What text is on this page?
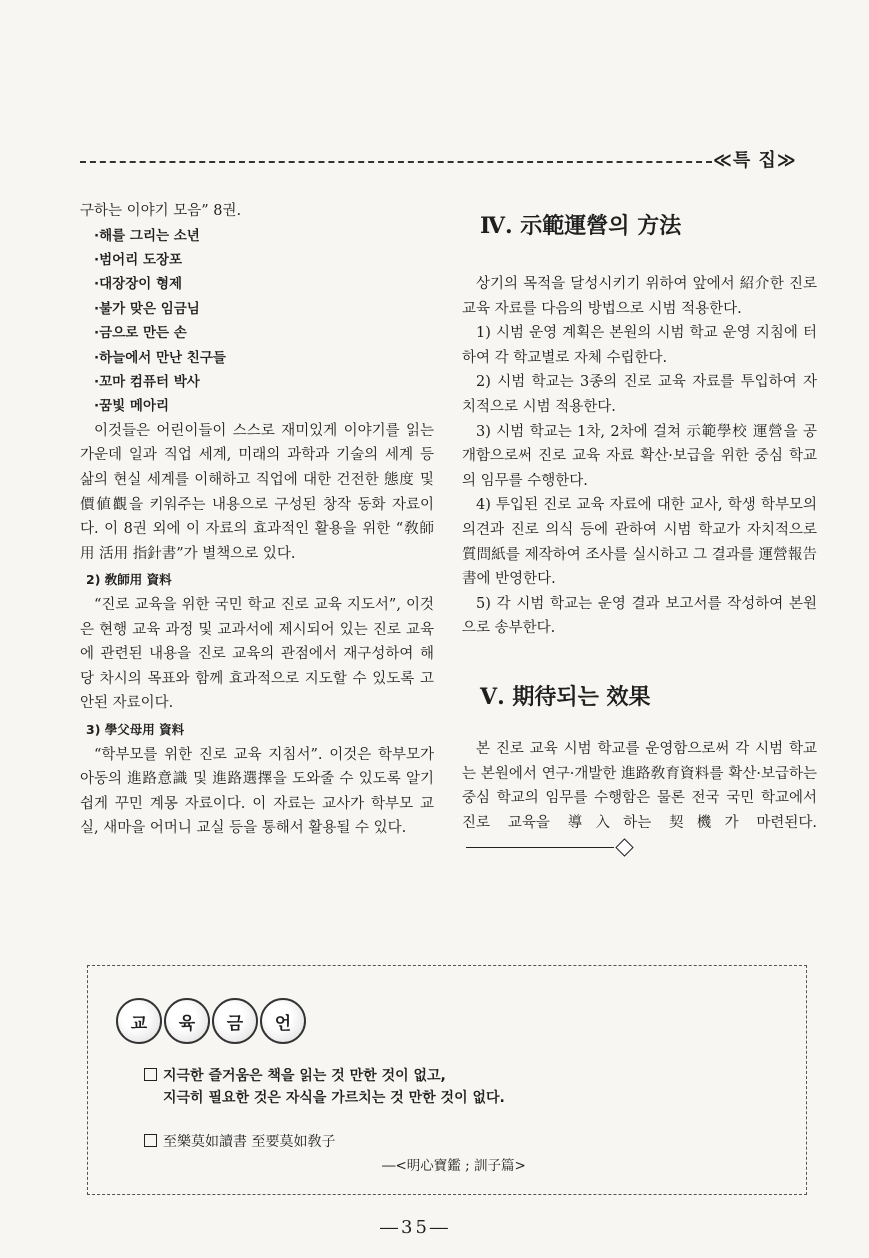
≪특 집≫

구하는 이야기 모음” 8권.

·해를 그리는 소년
·범어리 도장포
·대장장이 형제
·불가 맞은 임금님
·금으로 만든 손
·하늘에서 만난 친구들
·꼬마 컴퓨터 박사
·꿈빛 메아리

이것들은 어린이들이 스스로 재미있게 이야기를 읽는 가운데 일과 직업 세계, 미래의 과학과 기술의 세계 등 삶의 현실 세계를 이해하고 직업에 대한 건전한 態度 및 價値觀을 키워주는 내용으로 구성된 창작 동화 자료이다. 이 8권 외에 이 자료의 효과적인 활용을 위한 “敎師用 活用 指針書”가 별책으로 있다.

2) 敎師用 資料

“진로 교육을 위한 국민 학교 진로 교육 지도서”, 이것은 현행 교육 과정 및 교과서에 제시되어 있는 진로 교육에 관련된 내용을 진로 교육의 관점에서 재구성하여 해당 차시의 목표와 함께 효과적으로 지도할 수 있도록 고안된 자료이다.

3) 學父母用 資料

“학부모를 위한 진로 교육 지침서”. 이것은 학부모가 아동의 進路意識 및 進路選擇을 도와줄 수 있도록 알기 쉽게 꾸민 계몽 자료이다. 이 자료는 교사가 학부모 교실, 새마을 어머니 교실 등을 통해서 활용될 수 있다.

Ⅳ. 示範運營의 方法

상기의 목적을 달성시키기 위하여 앞에서 紹介한 진로 교육 자료를 다음의 방법으로 시범 적용한다.

1) 시범 운영 계획은 본원의 시범 학교 운영 지침에 터하여 각 학교별로 자체 수립한다.

2) 시범 학교는 3종의 진로 교육 자료를 투입하여 자치적으로 시범 적용한다.

3) 시범 학교는 1차, 2차에 걸쳐 示範學校 運營을 공개함으로써 진로 교육 자료 확산·보급을 위한 중심 학교의 임무를 수행한다.

4) 투입된 진로 교육 자료에 대한 교사, 학생 학부모의 의견과 진로 의식 등에 관하여 시범 학교가 자치적으로 質問紙를 제작하여 조사를 실시하고 그 결과를 運營報告書에 반영한다.

5) 각 시범 학교는 운영 결과 보고서를 작성하여 본원으로 송부한다.

Ⅴ. 期待되는 效果

본 진로 교육 시범 학교를 운영함으로써 각 시범 학교는 본원에서 연구·개발한 進路敎育資料를 확산·보급하는 중심 학교의 임무를 수행함은 물론 전국 국민 학교에서 진로 교육을 導入하는 契機가 마련된다.

교	육	금	언
지극한 즐거움은 책을 읽는 것 만한 것이 없고,
지극히 필요한 것은 자식을 가르치는 것 만한 것이 없다.
至樂莫如讀書 至要莫如敎子
―<明心寶鑑 ; 訓子篇>
―35―
